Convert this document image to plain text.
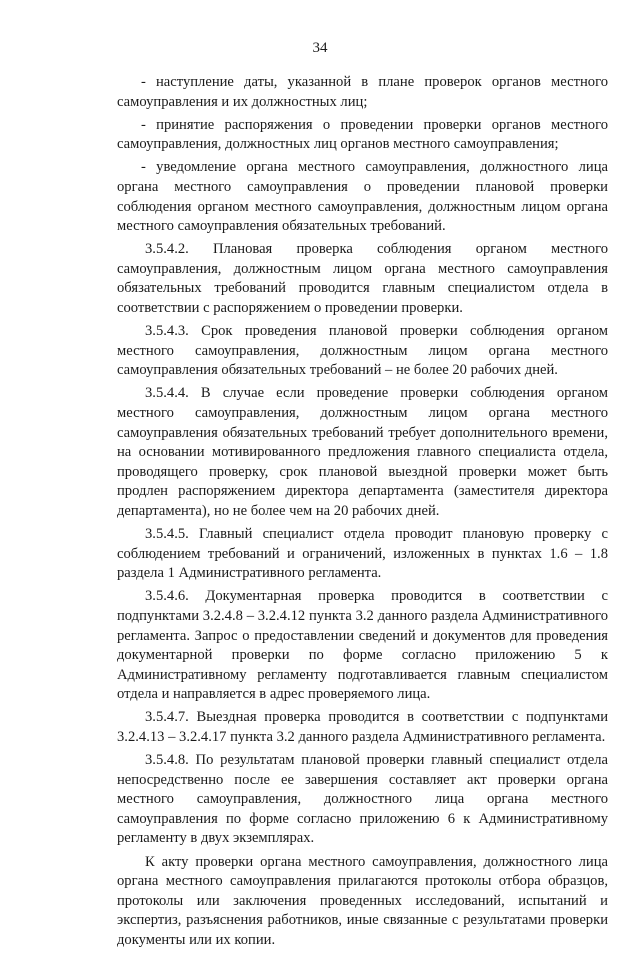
34

- наступление даты, указанной в плане проверок органов местного самоуправления и их должностных лиц;

- принятие распоряжения о проведении проверки органов местного самоуправления, должностных лиц органов местного самоуправления;

- уведомление органа местного самоуправления, должностного лица органа местного самоуправления о проведении плановой проверки соблюдения органом местного самоуправления, должностным лицом органа местного самоуправления обязательных требований.

3.5.4.2. Плановая проверка соблюдения органом местного самоуправления, должностным лицом органа местного самоуправления обязательных требований проводится главным специалистом отдела в соответствии с распоряжением о проведении проверки.

3.5.4.3. Срок проведения плановой проверки соблюдения органом местного самоуправления, должностным лицом органа местного самоуправления обязательных требований – не более 20 рабочих дней.

3.5.4.4. В случае если проведение проверки соблюдения органом местного самоуправления, должностным лицом органа местного самоуправления обязательных требований требует дополнительного времени, на основании мотивированного предложения главного специалиста отдела, проводящего проверку, срок плановой выездной проверки может быть продлен распоряжением директора департамента (заместителя директора департамента), но не более чем на 20 рабочих дней.

3.5.4.5. Главный специалист отдела проводит плановую проверку с соблюдением требований и ограничений, изложенных в пунктах 1.6 – 1.8 раздела 1 Административного регламента.

3.5.4.6. Документарная проверка проводится в соответствии с подпунктами 3.2.4.8 – 3.2.4.12 пункта 3.2 данного раздела Административного регламента. Запрос о предоставлении сведений и документов для проведения документарной проверки по форме согласно приложению 5 к Административному регламенту подготавливается главным специалистом отдела и направляется в адрес проверяемого лица.

3.5.4.7. Выездная проверка проводится в соответствии с подпунктами 3.2.4.13 – 3.2.4.17 пункта 3.2 данного раздела Административного регламента.

3.5.4.8. По результатам плановой проверки главный специалист отдела непосредственно после ее завершения составляет акт проверки органа местного самоуправления, должностного лица органа местного самоуправления по форме согласно приложению 6 к Административному регламенту в двух экземплярах.

К акту проверки органа местного самоуправления, должностного лица органа местного самоуправления прилагаются протоколы отбора образцов, протоколы или заключения проведенных исследований, испытаний и экспертиз, разъяснения работников, иные связанные с результатами проверки документы или их копии.
